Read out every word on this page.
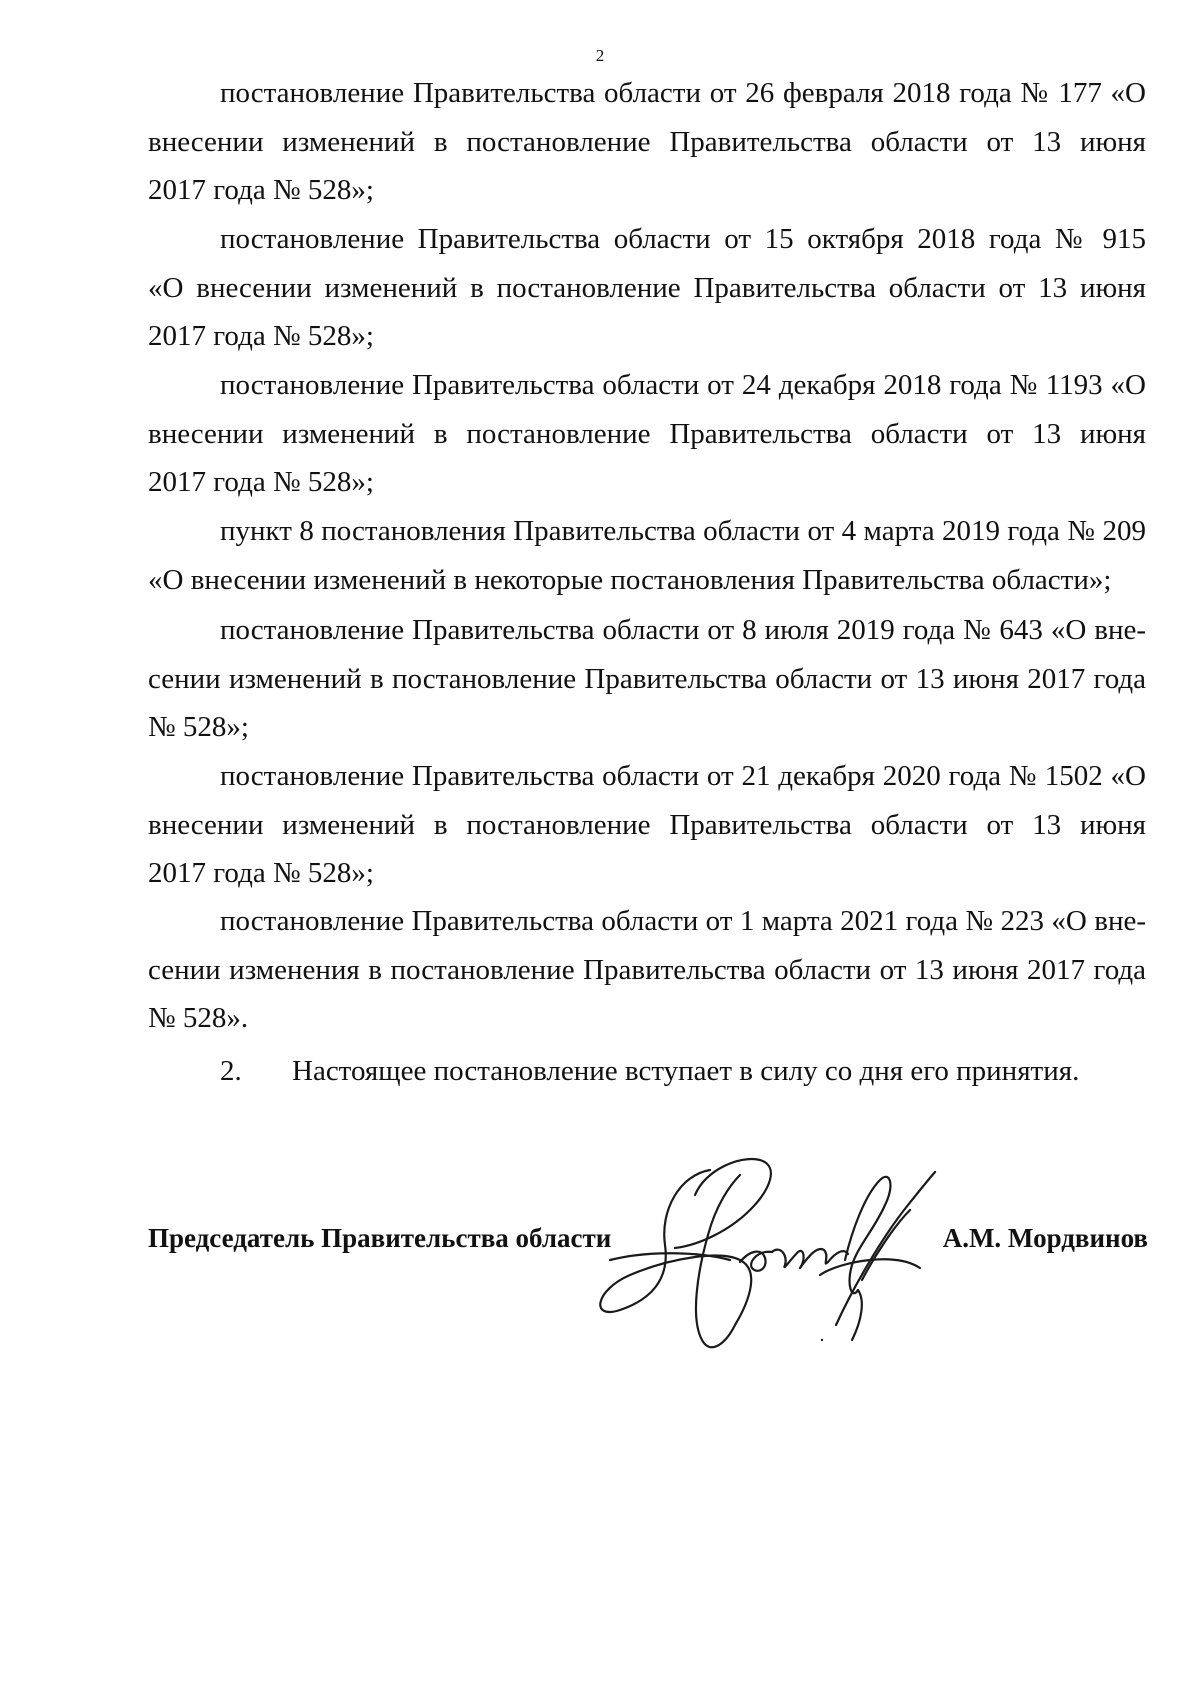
2

постановление Правительства области от 26 февраля 2018 года № 177 «О
внесении изменений в постановление Правительства области от 13 июня
2017 года № 528»;

постановление Правительства области от 15 октября 2018 года № 915
«О внесении изменений в постановление Правительства области от 13 июня
2017 года № 528»;

постановление Правительства области от 24 декабря 2018 года № 1193 «О
внесении изменений в постановление Правительства области от 13 июня
2017 года № 528»;

пункт 8 постановления Правительства области от 4 марта 2019 года № 209
«О внесении изменений в некоторые постановления Правительства области»;

постановление Правительства области от 8 июля 2019 года № 643 «О вне-
сении изменений в постановление Правительства области от 13 июня 2017 года
№ 528»;

постановление Правительства области от 21 декабря 2020 года № 1502 «О
внесении изменений в постановление Правительства области от 13 июня
2017 года № 528»;

постановление Правительства области от 1 марта 2021 года № 223 «О вне-
сении изменения в постановление Правительства области от 13 июня 2017 года
№ 528».

2. Настоящее постановление вступает в силу со дня его принятия.
Председатель Правительства области	А.М. Мордвинов
